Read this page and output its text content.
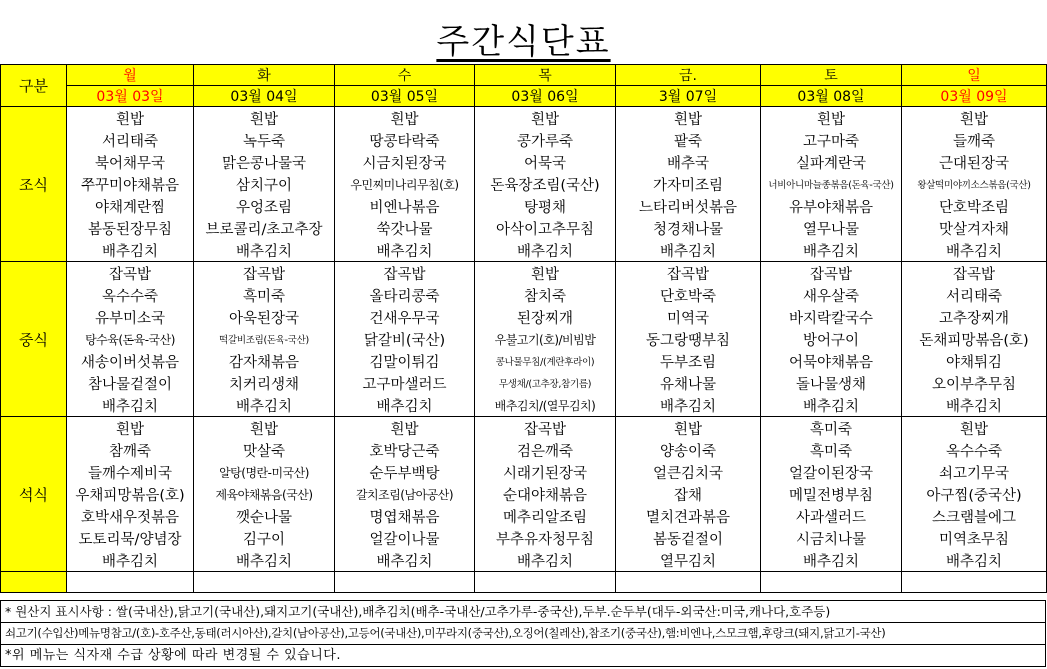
주간식단표
구분	월	화	수	목	금.	토	일
	03월 03일	03월 04일	03월 05일	03월 06일	3월 07일	03월 08일	03월 09일
조식	흰밥	흰밥	흰밥	흰밥	흰밥	흰밥	흰밥
	서리태죽	녹두죽	땅콩타락죽	콩가루죽	팥죽	고구마죽	들깨죽
	북어채무국	맑은콩나물국	시금치된장국	어묵국	배추국	실파계란국	근대된장국
	쭈꾸미야채볶음	삼치구이	우민찌미나리무침(호)	돈육장조림(국산)	가자미조림	너비아니마늘종볶음(돈육-국산)	왕살떡미야끼소스볶음(국산)
	야채계란찜	우엉조림	비엔나볶음	탕평채	느타리버섯볶음	유부야채볶음	단호박조림
	봄동된장무침	브로콜리/초고추장	쑥갓나물	아삭이고추무침	청경채나물	열무나물	맛살겨자채
	배추김치	배추김치	배추김치	배추김치	배추김치	배추김치	배추김치
중식	잡곡밥	잡곡밥	잡곡밥	흰밥	잡곡밥	잡곡밥	잡곡밥
	옥수수죽	흑미죽	올타리콩죽	참치죽	단호박죽	새우살죽	서리태죽
	유부미소국	아욱된장국	건새우무국	된장찌개	미역국	바지락칼국수	고추장찌개
	탕수육(돈육-국산)	떡갈비조림(돈육-국산)	닭갈비(국산)	우불고기(호)/비빔밥	동그랑땡부침	방어구이	돈채피망볶음(호)
	새송이버섯볶음	감자채볶음	김말이튀김	콩나물무침/(계란후라이)	두부조림	어묵야채볶음	야채튀김
	참나물겉절이	치커리생채	고구마샐러드	무생채/(고추장,참기름)	유채나물	돌나물생채	오이부추무침
	배추김치	배추김치	배추김치	배추김치/(열무김치)	배추김치	배추김치	배추김치
석식	흰밥	흰밥	흰밥	잡곡밥	흰밥	흑미죽	흰밥
	참깨죽	맛살죽	호박당근죽	검은깨죽	양송이죽	흑미죽	옥수수죽
	들깨수제비국	알탕(명란-미국산)	순두부백탕	시래기된장국	얼큰김치국	얼갈이된장국	쇠고기무국
	우채피망볶음(호)	제육야채볶음(국산)	갈치조림(남아공산)	순대야채볶음	잡채	메밀전병부침	아구찜(중국산)
	호박새우젓볶음	깻순나물	명엽채볶음	메추리알조림	멸치견과볶음	사과샐러드	스크램블에그
	도토리묵/양념장	김구이	얼갈이나물	부추유자청무침	봄동겉절이	시금치나물	미역초무침
	배추김치	배추김치	배추김치	배추김치	열무김치	배추김치	배추김치

* 원산지 표시사항 : 쌀(국내산),닭고기(국내산),돼지고기(국내산),배추김치(배추-국내산/고추가루-중국산),두부.순두부(대두-외국산:미국,캐나다,호주등)
쇠고기(수입산)메뉴명참고/(호)-호주산,동태(러시아산),갈치(남아공산),고등어(국내산),미꾸라지(중국산),오징어(칠레산),참조기(중국산),햄:비엔나,스모크햄,후랑크(돼지,닭고기-국산)
*위 메뉴는 식자재 수급 상황에 따라 변경될 수 있습니다.
